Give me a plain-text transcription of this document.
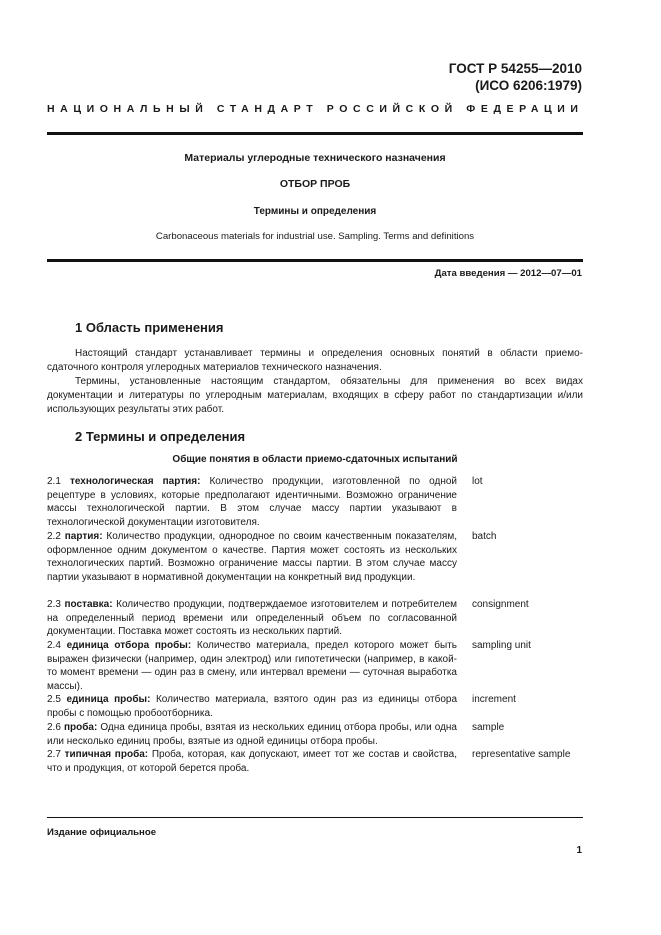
ГОСТ Р 54255—2010
(ИСО 6206:1979)
НАЦИОНАЛЬНЫЙ СТАНДАРТ РОССИЙСКОЙ ФЕДЕРАЦИИ
Материалы углеродные технического назначения
ОТБОР ПРОБ
Термины и определения
Carbonaceous materials for industrial use. Sampling. Terms and definitions
Дата введения — 2012—07—01
1 Область применения

Настоящий стандарт устанавливает термины и определения основных понятий в области приемо-сдаточного контроля углеродных материалов технического назначения.

Термины, установленные настоящим стандартом, обязательны для применения во всех видах документации и литературы по углеродным материалам, входящих в сферу работ по стандартизации и/или использующих результаты этих работ.

2 Термины и определения
Общие понятия в области приемо-сдаточных испытаний
2.1 технологическая партия: Количество продукции, изготовленной по одной рецептуре в условиях, которые предполагают идентичными. Возможно ограничение массы технологической партии. В этом случае массу партии указывают в технологической документации изготовителя.
lot
2.2 партия: Количество продукции, однородное по своим качественным показателям, оформленное одним документом о качестве. Партия может состоять из нескольких технологических партий. Возможно ограничение массы партии. В этом случае массу партии указывают в нормативной документации на конкретный вид продукции.
batch
2.3 поставка: Количество продукции, подтверждаемое изготовителем и потребителем на определенный период времени или определенный объем по согласованной документации. Поставка может состоять из нескольких партий.
consignment
2.4 единица отбора пробы: Количество материала, предел которого может быть выражен физически (например, один электрод) или гипотетически (например, в какой-то момент времени — один раз в смену, или интервал времени — суточная выработка массы).
sampling unit
2.5 единица пробы: Количество материала, взятого один раз из единицы отбора пробы с помощью пробоотборника.
increment
2.6 проба: Одна единица пробы, взятая из нескольких единиц отбора пробы, или одна или несколько единиц пробы, взятые из одной единицы отбора пробы.
sample
2.7 типичная проба: Проба, которая, как допускают, имеет тот же состав и свойства, что и продукция, от которой берется проба.
representative sample
Издание официальное
1
